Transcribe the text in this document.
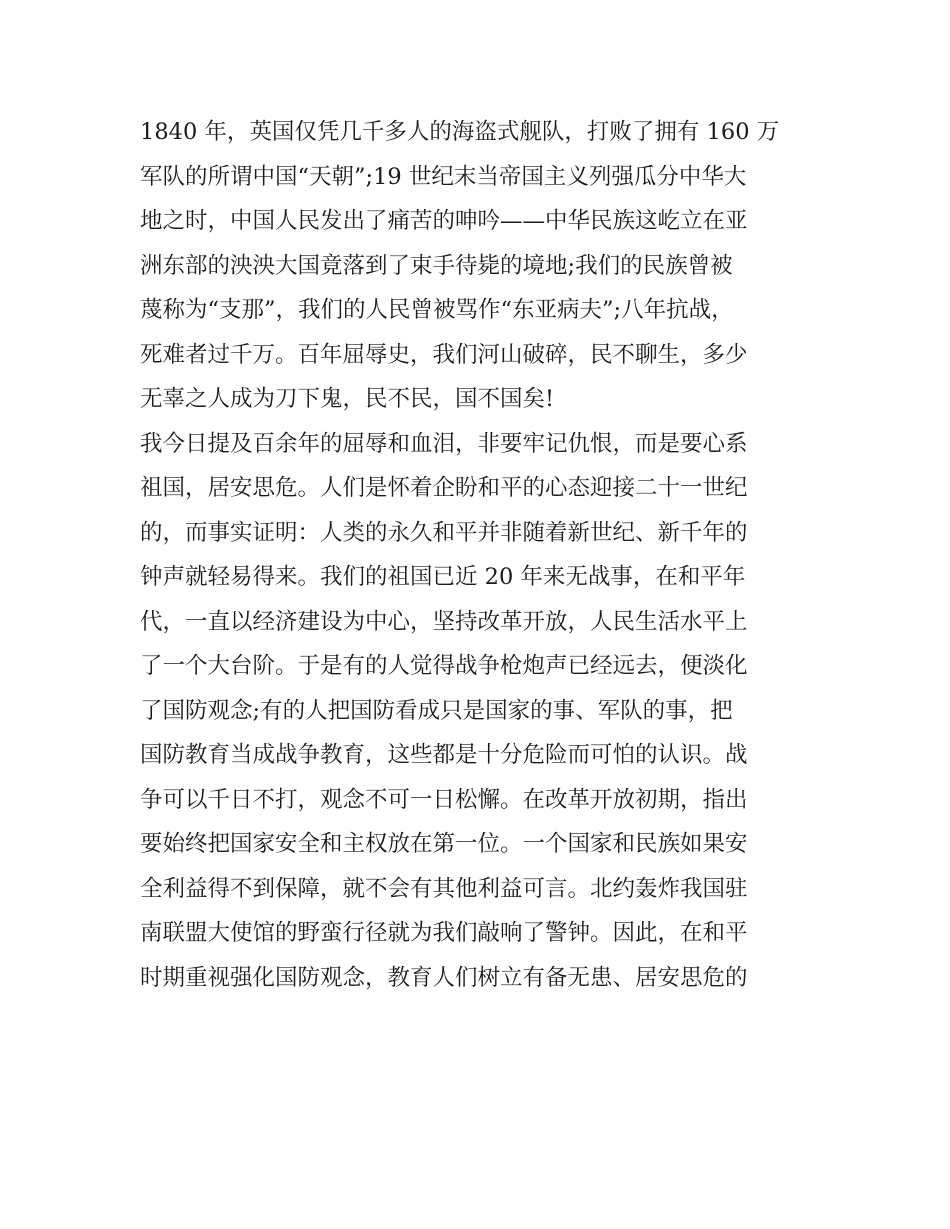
1840 年，英国仅凭几千多人的海盗式舰队，打败了拥有 160 万
军队的所谓中国“天朝”;19 世纪末当帝国主义列强瓜分中华大
地之时，中国人民发出了痛苦的呻吟——中华民族这屹立在亚
洲东部的泱泱大国竟落到了束手待毙的境地;我们的民族曾被
蔑称为“支那”，我们的人民曾被骂作“东亚病夫”;八年抗战，
死难者过千万。百年屈辱史，我们河山破碎，民不聊生，多少
无辜之人成为刀下鬼，民不民，国不国矣!
我今日提及百余年的屈辱和血泪，非要牢记仇恨，而是要心系
祖国，居安思危。人们是怀着企盼和平的心态迎接二十一世纪
的，而事实证明：人类的永久和平并非随着新世纪、新千年的
钟声就轻易得来。我们的祖国已近 20 年来无战事，在和平年
代，一直以经济建设为中心，坚持改革开放，人民生活水平上
了一个大台阶。于是有的人觉得战争枪炮声已经远去，便淡化
了国防观念;有的人把国防看成只是国家的事、军队的事，把
国防教育当成战争教育，这些都是十分危险而可怕的认识。战
争可以千日不打，观念不可一日松懈。在改革开放初期，指出
要始终把国家安全和主权放在第一位。一个国家和民族如果安
全利益得不到保障，就不会有其他利益可言。北约轰炸我国驻
南联盟大使馆的野蛮行径就为我们敲响了警钟。因此，在和平
时期重视强化国防观念，教育人们树立有备无患、居安思危的
